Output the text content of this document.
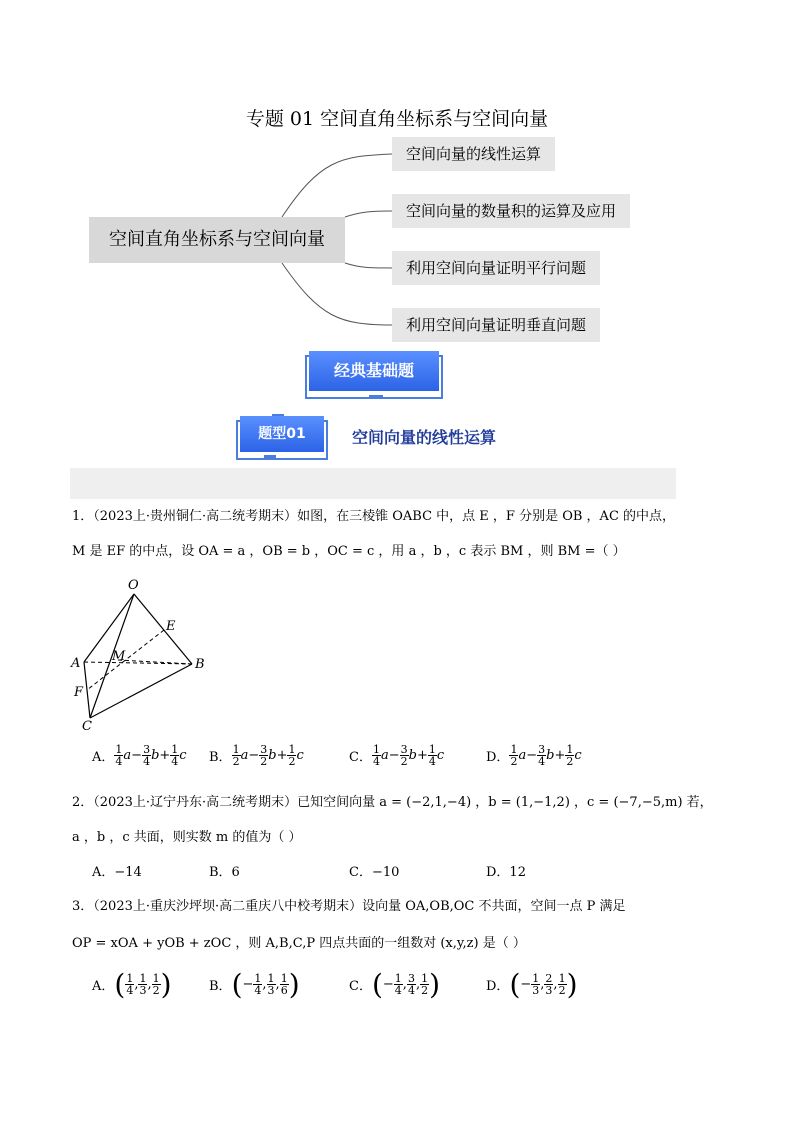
专题 01 空间直角坐标系与空间向量
空间直角坐标系与空间向量
空间向量的线性运算
空间向量的数量积的运算及应用
利用空间向量证明平行问题
利用空间向量证明垂直问题
经典基础题
题型01	空间向量的线性运算
1．（2023上·贵州铜仁·高二统考期末）如图，在三棱锥 OABC 中，点 E ，F 分别是 OB ，AC 的中点，
M 是 EF 的中点，设 OA = a ，OB = b ，OC = c ，用 a ，b ，c 表示 BM ，则 BM =（ ）
O
E
A M
B
F
C
A． $\frac{1}{4} a- \frac{3}{4} b+ \frac{1}{4}$ c B． $\frac{1}{2} a- \frac{3}{2} b+ \frac{1}{2}$ c	C． $\frac{1}{4} a- \frac{3}{2} b+ \frac{1}{4}$ c	D． $\frac{1}{2} a- \frac{3}{4} b+ \frac{1}{2}$ c
2．（2023上·辽宁丹东·高二统考期末）已知空间向量 a = (−2,1,−4) ，b = (1,−1,2) ，c = (−7,−5,m) 若，
a ，b ，c 共面，则实数 m 的值为（ ）
A．−14	B．6	C．−10	D．12
3．（2023上·重庆沙坪坝·高二重庆八中校考期末）设向量 OA,OB,OC 不共面，空间一点 P 满足
OP = xOA + yOB + zOC ，则 A,B,C,P 四点共面的一组数对 (x,y,z) 是（ ）
A．( $\frac{1}{4}$ , $\frac{1}{3}$ , $\frac{1}{2}$ )	B．(− $\frac{1}{4}$ , $\frac{1}{3}$ , $\frac{1}{6}$ )	C．(− $\frac{1}{4}$ , $\frac{3}{4}$ , $\frac{1}{2}$ )	D．(− $\frac{1}{3}$ , $\frac{2}{3}$ , $\frac{1}{2}$ )
